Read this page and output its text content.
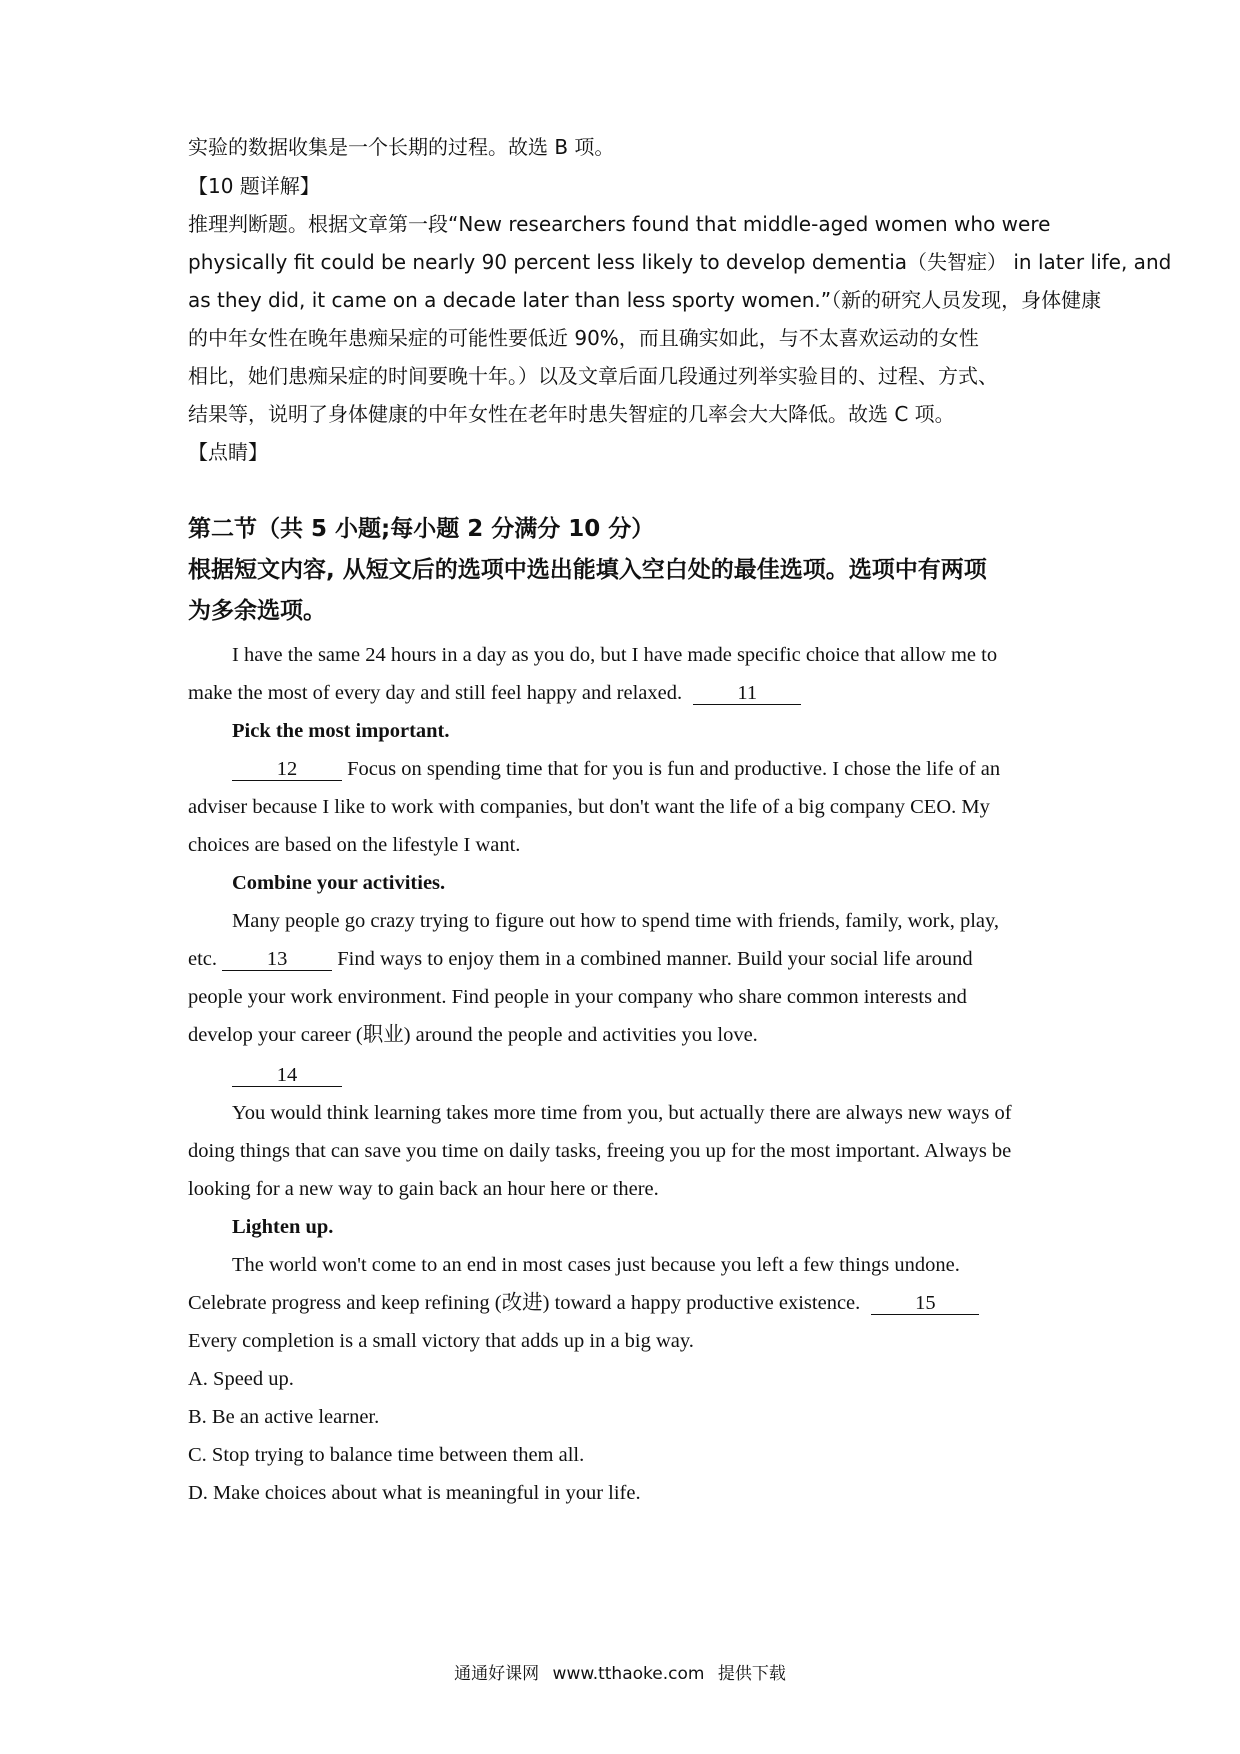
实验的数据收集是一个长期的过程。故选 B 项。
【10 题详解】
推理判断题。根据文章第一段“New researchers found that middle-aged women who were
physically fit could be nearly 90 percent less likely to develop dementia（失智症） in later life, and
as they did, it came on a decade later than less sporty women.”（新的研究人员发现，身体健康
的中年女性在晚年患痴呆症的可能性要低近 90%，而且确实如此，与不太喜欢运动的女性
相比，她们患痴呆症的时间要晚十年。）以及文章后面几段通过列举实验目的、过程、方式、
结果等，说明了身体健康的中年女性在老年时患失智症的几率会大大降低。故选 C 项。
【点睛】
第二节（共 5 小题;每小题 2 分满分 10 分）
根据短文内容, 从短文后的选项中选出能填入空白处的最佳选项。选项中有两项
为多余选项。
I have the same 24 hours in a day as you do, but I have made specific choice that allow me to
make the most of every day and still feel happy and relaxed.	11
Pick the most important.
12 Focus on spending time that for you is fun and productive. I chose the life of an
adviser because I like to work with companies, but don't want the life of a big company CEO. My
choices are based on the lifestyle I want.
Combine your activities.
Many people go crazy trying to figure out how to spend time with friends, family, work, play,
etc. 13 Find ways to enjoy them in a combined manner. Build your social life around
people your work environment. Find people in your company who share common interests and
develop your career (职业) around the people and activities you love.
14
You would think learning takes more time from you, but actually there are always new ways of
doing things that can save you time on daily tasks, freeing you up for the most important. Always be
looking for a new way to gain back an hour here or there.
Lighten up.
The world won't come to an end in most cases just because you left a few things undone.
Celebrate progress and keep refining (改进) toward a happy productive existence.	15
Every completion is a small victory that adds up in a big way.
A. Speed up.
B. Be an active learner.
C. Stop trying to balance time between them all.
D. Make choices about what is meaningful in your life.
通通好课网 www.tthaoke.com 提供下载
